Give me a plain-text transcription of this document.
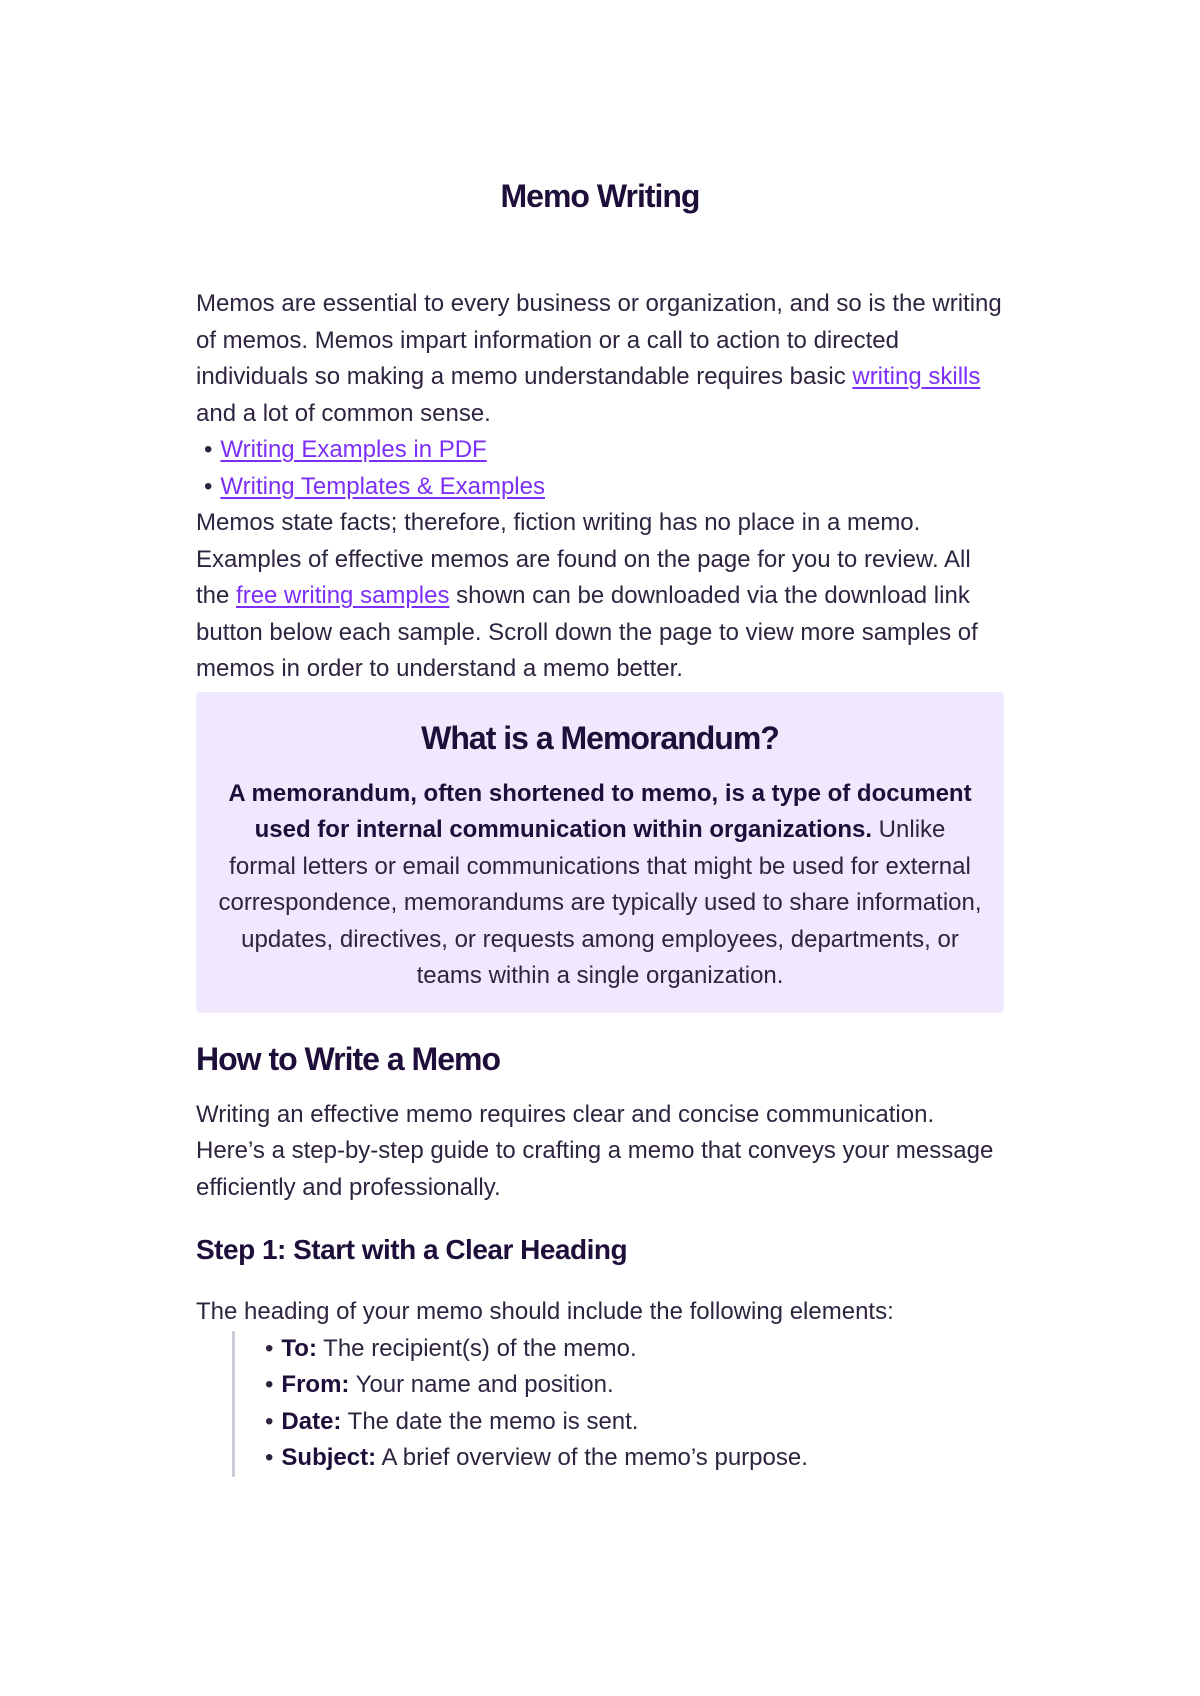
Memo Writing

Memos are essential to every business or organization, and so is the writing of memos. Memos impart information or a call to action to directed individuals so making a memo understandable requires basic writing skills and a lot of common sense.

• Writing Examples in PDF
• Writing Templates & Examples

Memos state facts; therefore, fiction writing has no place in a memo. Examples of effective memos are found on the page for you to review. All the free writing samples shown can be downloaded via the download link button below each sample. Scroll down the page to view more samples of memos in order to understand a memo better.

What is a Memorandum?

A memorandum, often shortened to memo, is a type of document used for internal communication within organizations. Unlike formal letters or email communications that might be used for external correspondence, memorandums are typically used to share information, updates, directives, or requests among employees, departments, or teams within a single organization.

How to Write a Memo

Writing an effective memo requires clear and concise communication. Here’s a step-by-step guide to crafting a memo that conveys your message efficiently and professionally.

Step 1: Start with a Clear Heading

The heading of your memo should include the following elements:

• To: The recipient(s) of the memo.
• From: Your name and position.
• Date: The date the memo is sent.
• Subject: A brief overview of the memo’s purpose.
